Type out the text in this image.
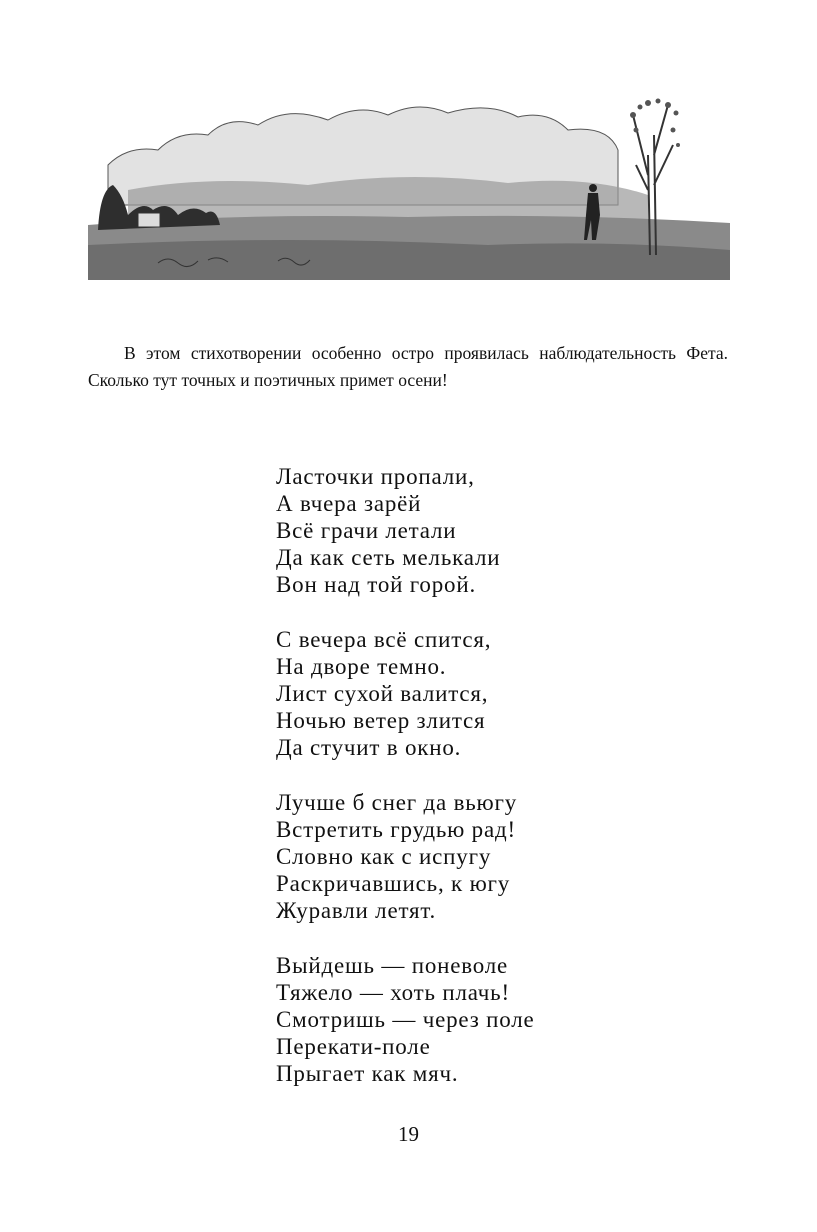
В этом стихотворении особенно остро проявилась наблюдательность Фета. Сколько тут точных и поэтичных примет осени!

Ласточки пропали,
А вчера зарёй
Всё грачи летали
Да как сеть мелькали
Вон над той горой.
С вечера всё спится,
На дворе темно.
Лист сухой валится,
Ночью ветер злится
Да стучит в окно.
Лучше б снег да вьюгу
Встретить грудью рад!
Словно как с испугу
Раскричавшись, к югу
Журавли летят.
Выйдешь — поневоле
Тяжело — хоть плачь!
Смотришь — через поле
Перекати-поле
Прыгает как мяч.
19
